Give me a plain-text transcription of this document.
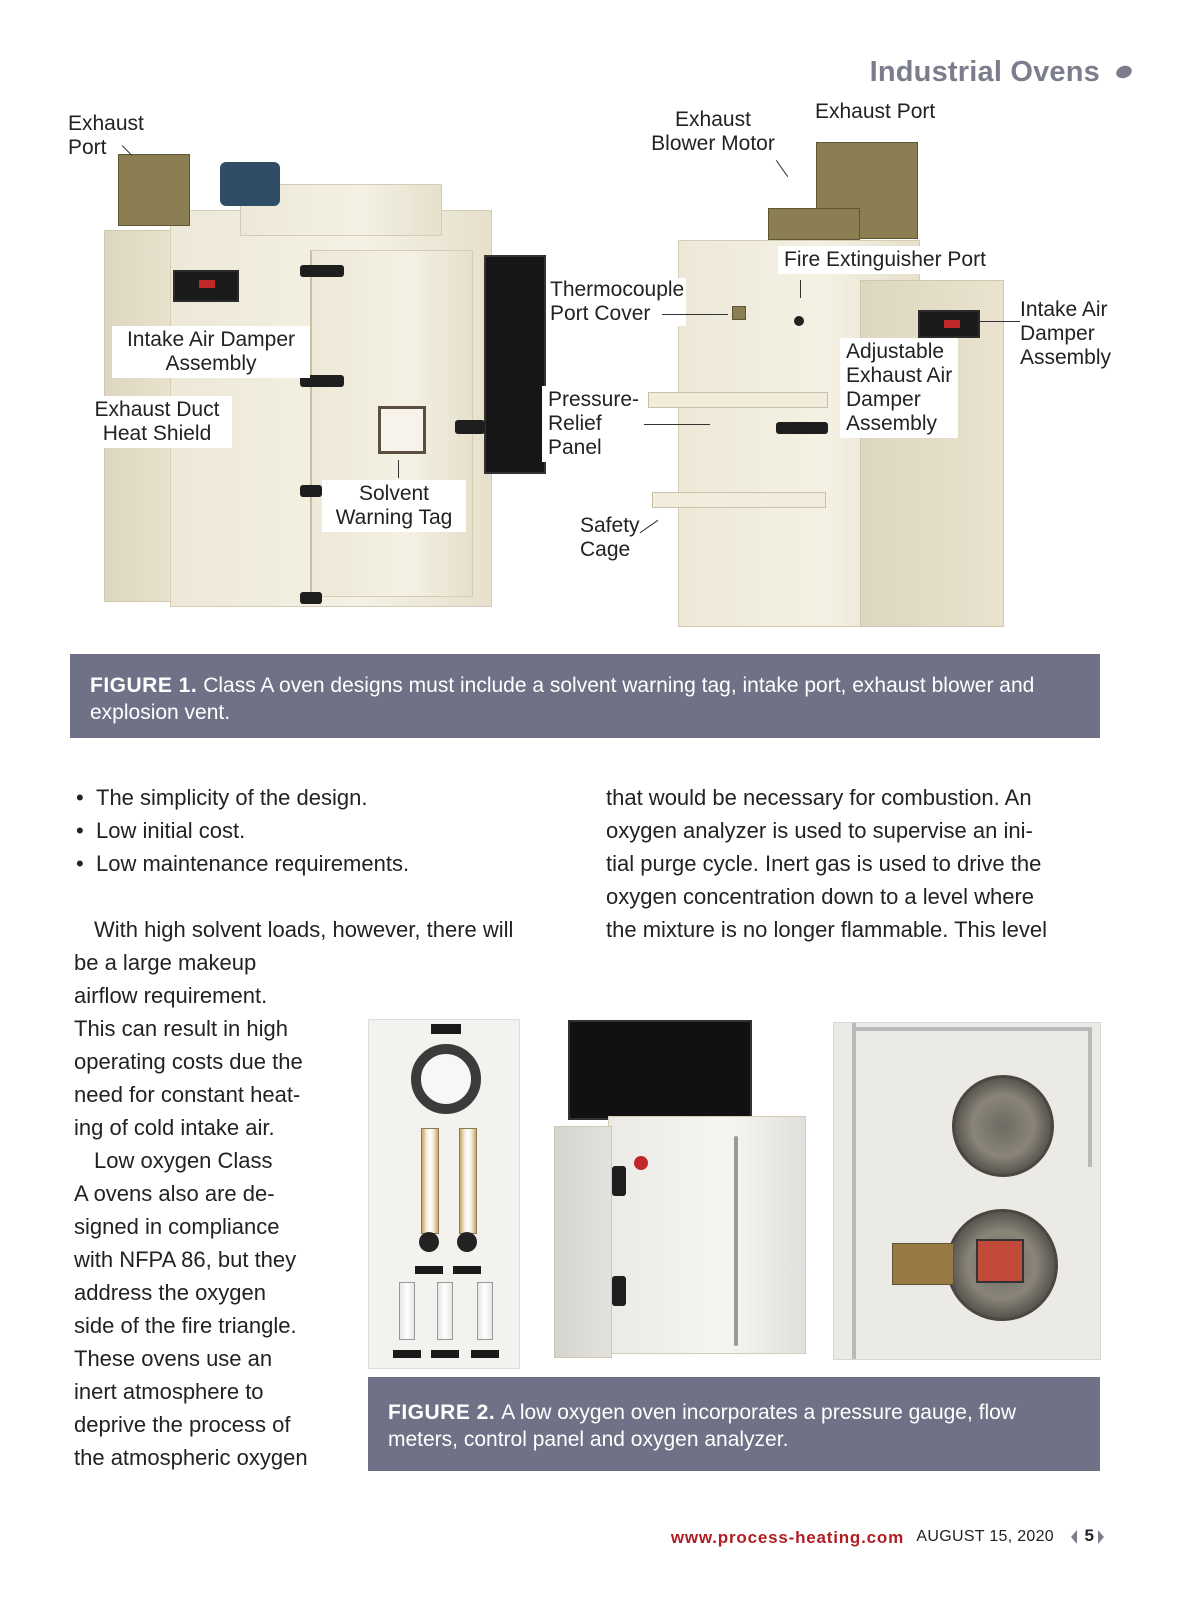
Industrial Ovens
Exhaust
Port
Intake Air Damper
Assembly
Exhaust Duct
Heat Shield
Solvent
Warning Tag
Exhaust
Blower Motor
Exhaust Port
Fire Extinguisher Port
Thermocouple
Port Cover	Intake Air
Damper
Assembly
Adjustable
Exhaust Air
Damper
Assembly
Pressure-
Relief
Panel
Safety
Cage
FIGURE 1. Class A oven designs must include a solvent warning tag, intake port, exhaust blower and explosion vent.
• The simplicity of the design.
• Low initial cost.
• Low maintenance requirements.
With high solvent loads, however, there will
be a large makeup
airflow requirement.
This can result in high
operating costs due the
need for constant heat-
ing of cold intake air.
Low oxygen Class
A ovens also are de-
signed in compliance
with NFPA 86, but they
address the oxygen
side of the fire triangle.
These ovens use an
inert atmosphere to
deprive the process of
the atmospheric oxygen
that would be necessary for combustion. An
oxygen analyzer is used to supervise an ini-
tial purge cycle. Inert gas is used to drive the
oxygen concentration down to a level where
the mixture is no longer flammable. This level
FIGURE 2. A low oxygen oven incorporates a pressure gauge, flow meters, control panel and oxygen analyzer.
www.process-heating.com AUGUST 15, 2020 5
